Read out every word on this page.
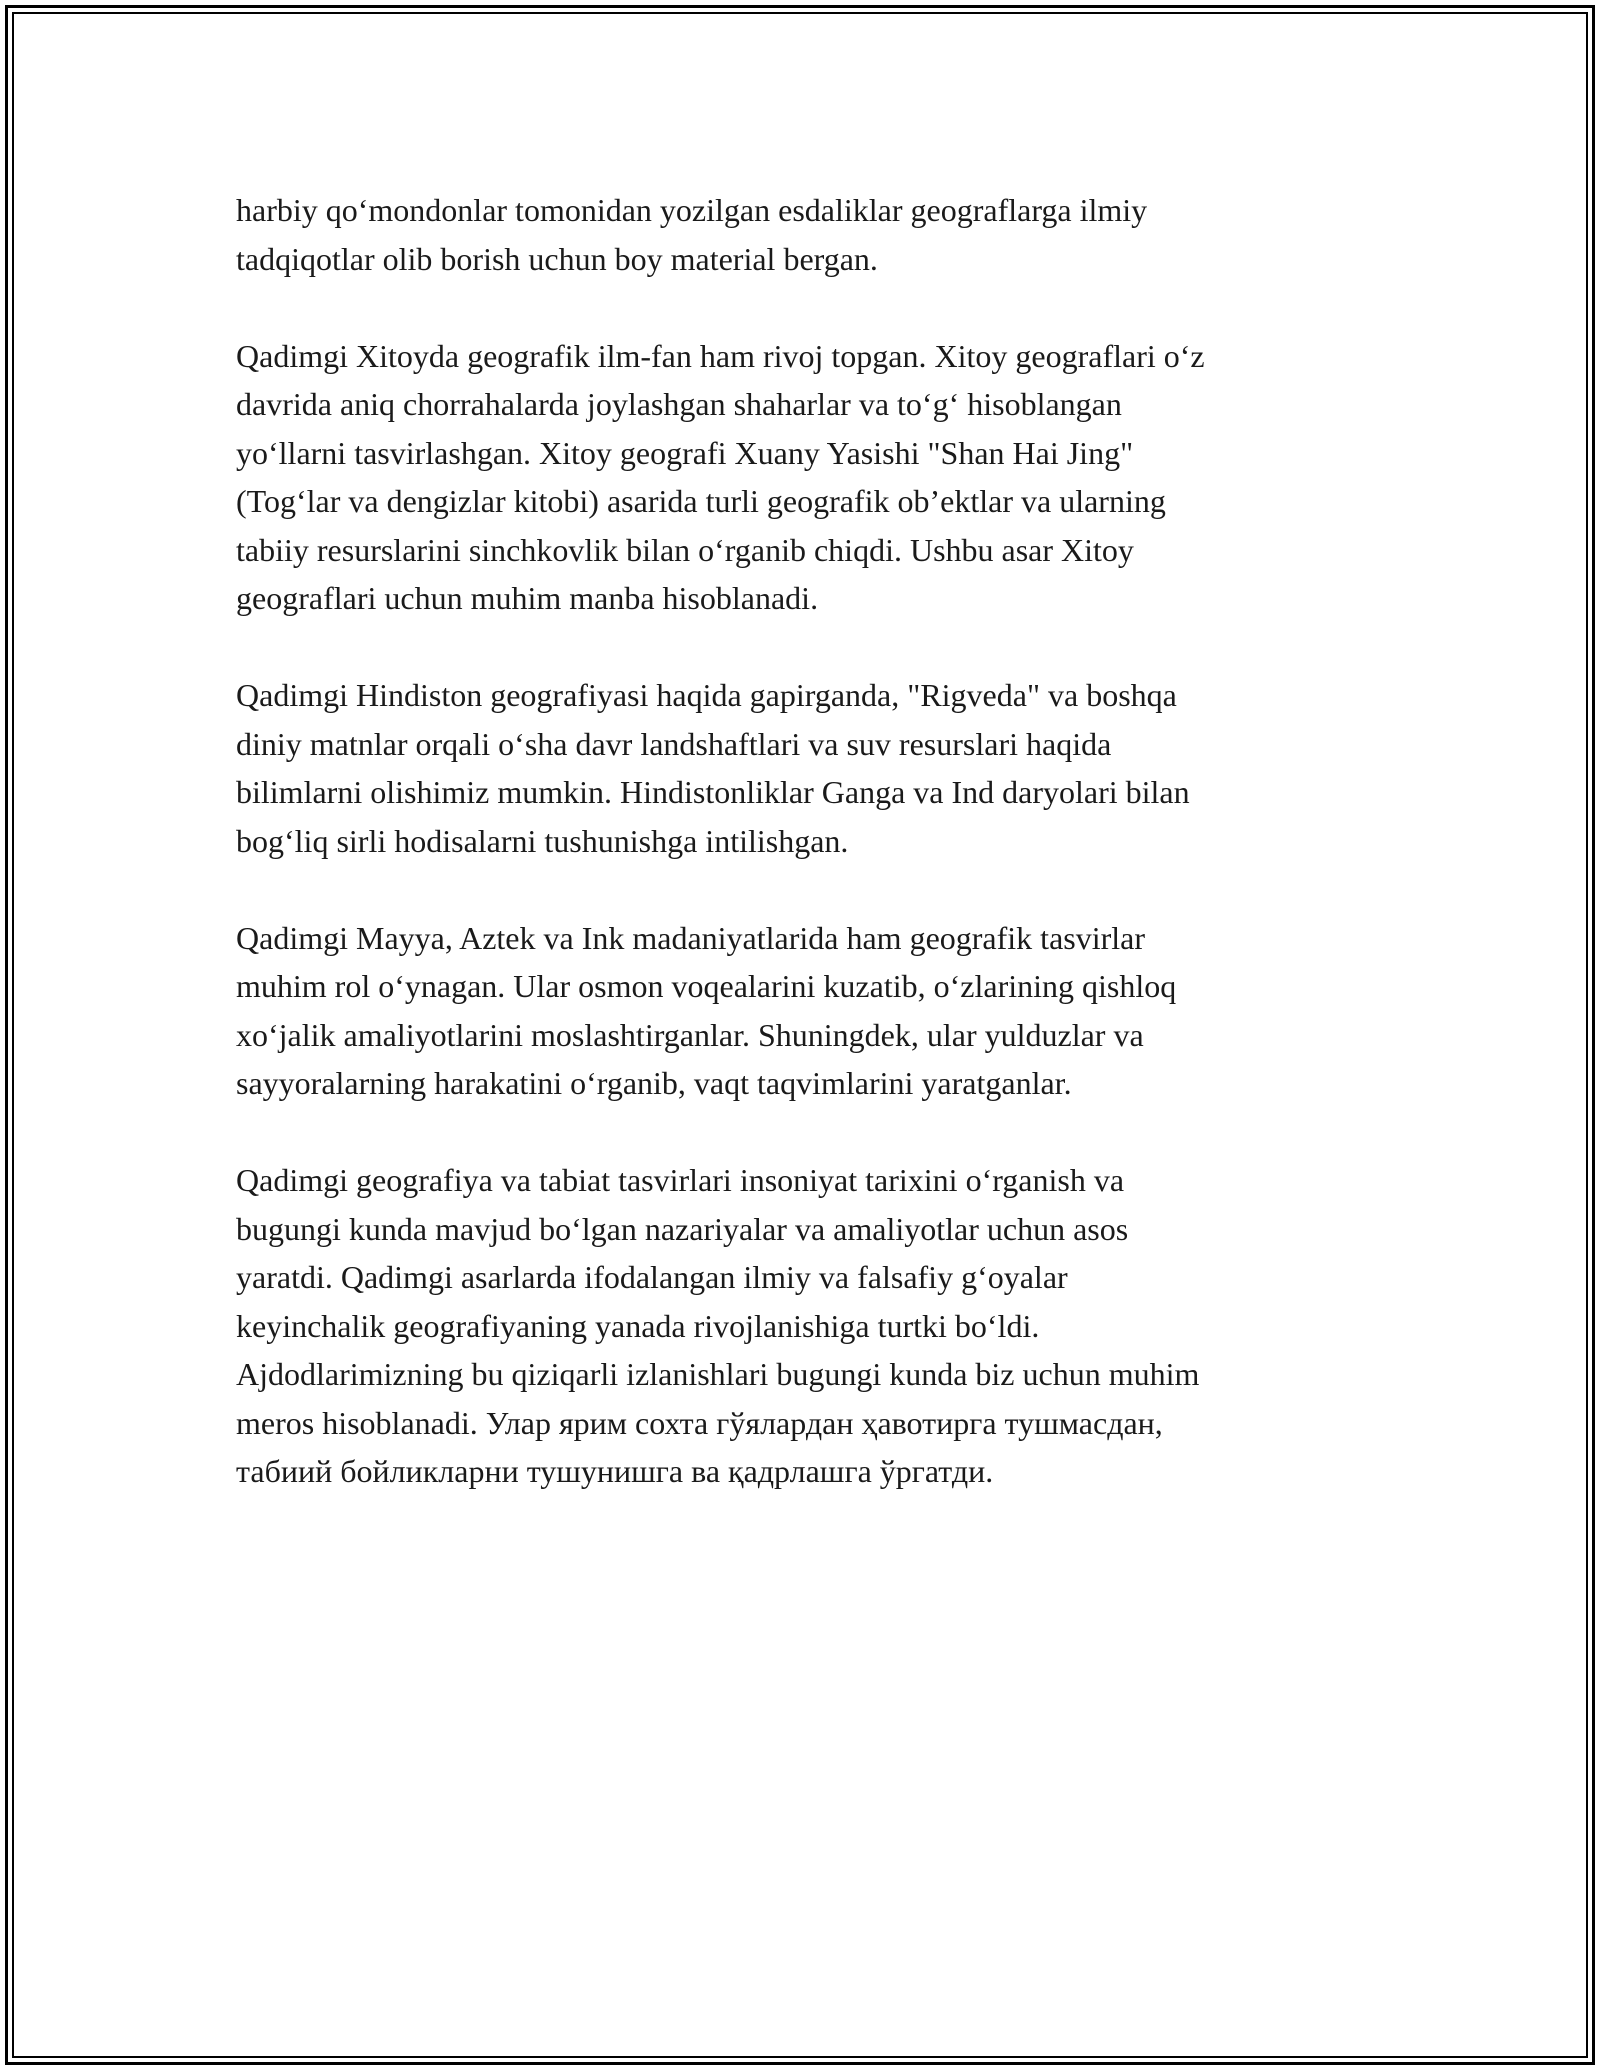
harbiy qo‘mondonlar tomonidan yozilgan esdaliklar geograflarga ilmiy
tadqiqotlar olib borish uchun boy material bergan.

Qadimgi Xitoyda geografik ilm-fan ham rivoj topgan. Xitoy geograflari o‘z
davrida aniq chorrahalarda joylashgan shaharlar va to‘g‘ hisoblangan
yo‘llarni tasvirlashgan. Xitoy geografi Xuany Yasishi "Shan Hai Jing"
(Tog‘lar va dengizlar kitobi) asarida turli geografik ob’ektlar va ularning
tabiiy resurslarini sinchkovlik bilan o‘rganib chiqdi. Ushbu asar Xitoy
geograflari uchun muhim manba hisoblanadi.

Qadimgi Hindiston geografiyasi haqida gapirganda, "Rigveda" va boshqa
diniy matnlar orqali o‘sha davr landshaftlari va suv resurslari haqida
bilimlarni olishimiz mumkin. Hindistonliklar Ganga va Ind daryolari bilan
bog‘liq sirli hodisalarni tushunishga intilishgan.

Qadimgi Mayya, Aztek va Ink madaniyatlarida ham geografik tasvirlar
muhim rol o‘ynagan. Ular osmon voqealarini kuzatib, o‘zlarining qishloq
xo‘jalik amaliyotlarini moslashtirganlar. Shuningdek, ular yulduzlar va
sayyoralarning harakatini o‘rganib, vaqt taqvimlarini yaratganlar.

Qadimgi geografiya va tabiat tasvirlari insoniyat tarixini o‘rganish va
bugungi kunda mavjud bo‘lgan nazariyalar va amaliyotlar uchun asos
yaratdi. Qadimgi asarlarda ifodalangan ilmiy va falsafiy g‘oyalar
keyinchalik geografiyaning yanada rivojlanishiga turtki bo‘ldi.
Ajdodlarimizning bu qiziqarli izlanishlari bugungi kunda biz uchun muhim
meros hisoblanadi. Улар ярим сохта гўялардан ҳавотирга тушмасдан,
табиий бойликларни тушунишга ва қадрлашга ўргатди.
